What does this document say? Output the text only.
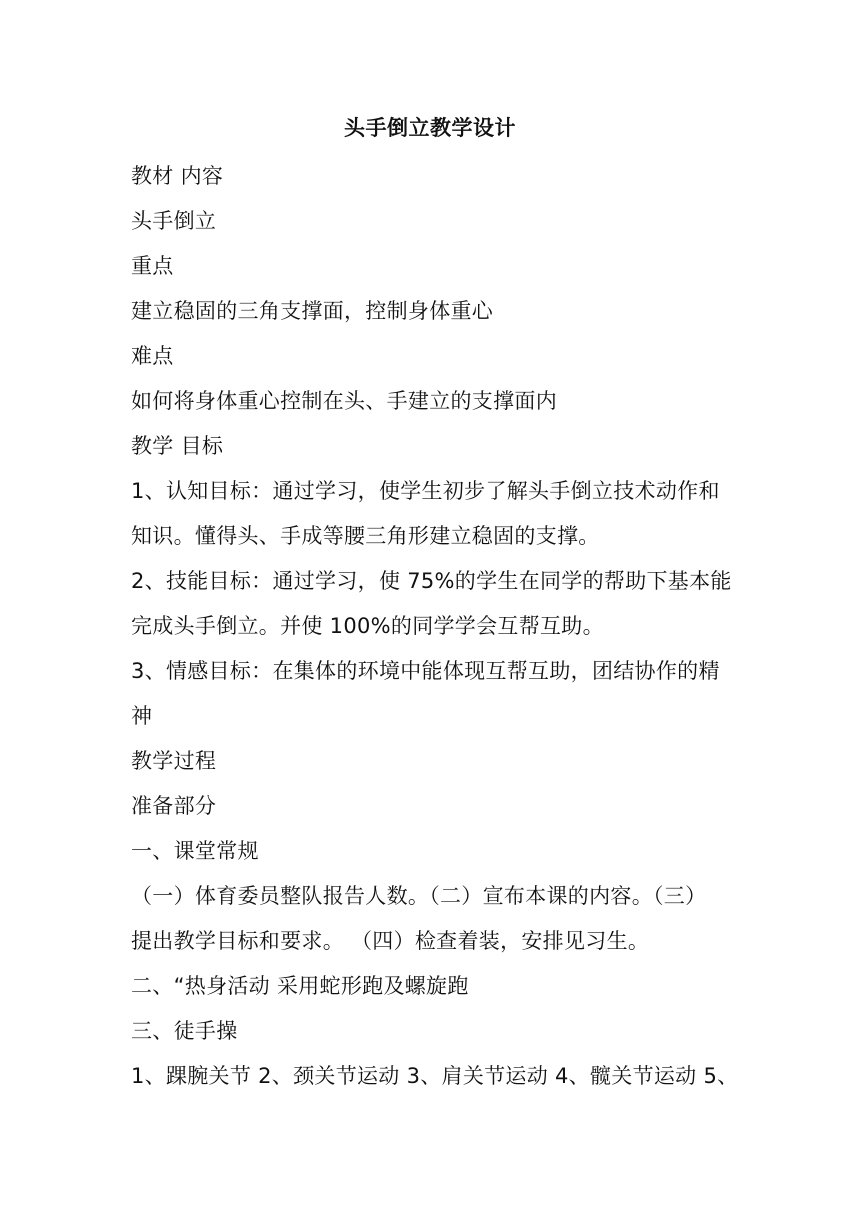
头手倒立教学设计
教材 内容
头手倒立
重点
建立稳固的三角支撑面，控制身体重心
难点
如何将身体重心控制在头、手建立的支撑面内
教学 目标
1、认知目标：通过学习，使学生初步了解头手倒立技术动作和
知识。懂得头、手成等腰三角形建立稳固的支撑。
2、技能目标：通过学习，使 75%的学生在同学的帮助下基本能
完成头手倒立。并使 100%的同学学会互帮互助。
3、情感目标：在集体的环境中能体现互帮互助，团结协作的精
神
教学过程
准备部分
一、课堂常规
（一）体育委员整队报告人数。（二）宣布本课的内容。（三）
提出教学目标和要求。 （四）检查着装，安排见习生。
二、“热身活动 采用蛇形跑及螺旋跑
三、徒手操
1、踝腕关节 2、颈关节运动 3、肩关节运动 4、髋关节运动 5、
